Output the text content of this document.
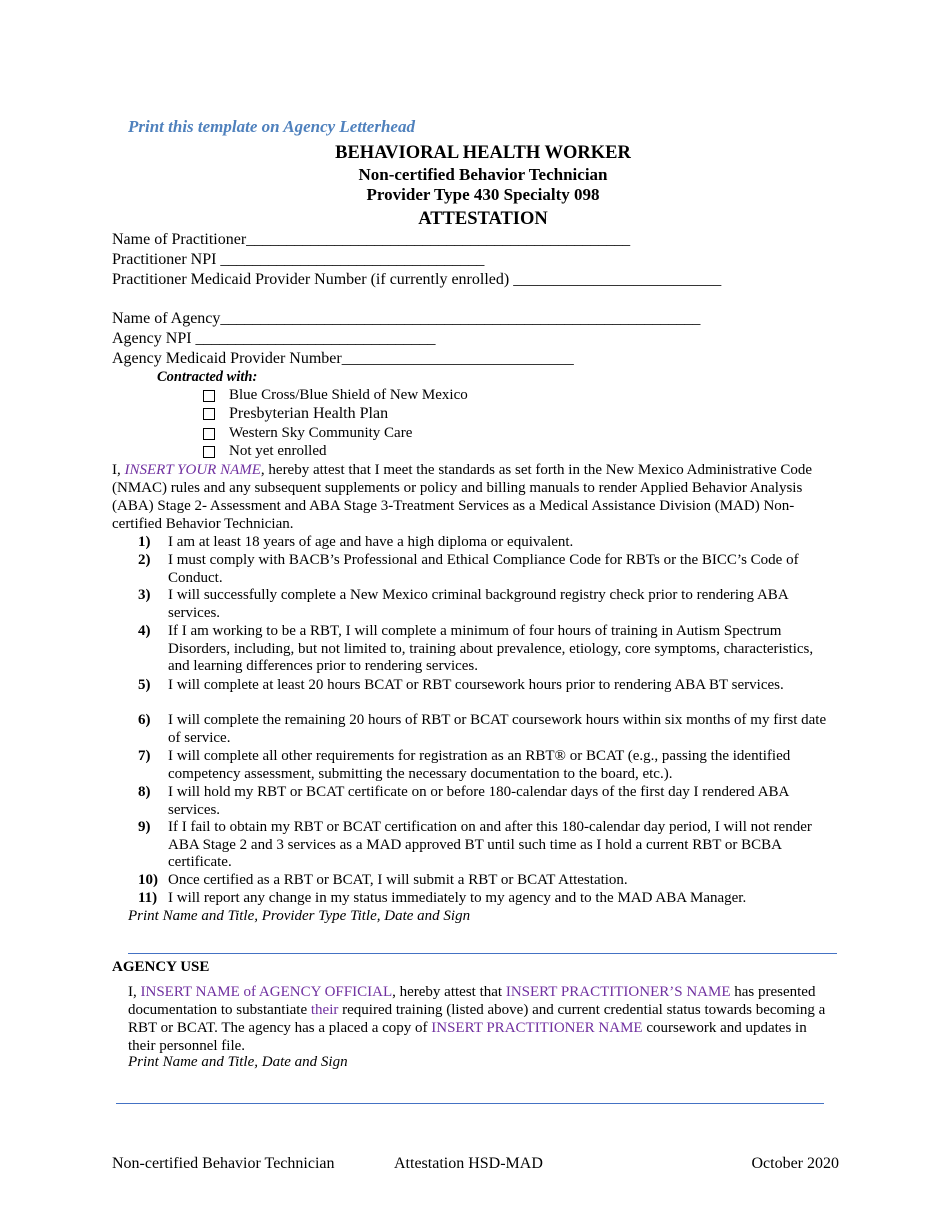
Print this template on Agency Letterhead
BEHAVIORAL HEALTH WORKER
Non-certified Behavior Technician
Provider Type 430 Specialty 098
ATTESTATION
Name of Practitioner________________________________________________
Practitioner NPI _________________________________
Practitioner Medicaid Provider Number (if currently enrolled) __________________________
Name of Agency____________________________________________________________
Agency NPI ______________________________
Agency Medicaid Provider Number_____________________________
Contracted with:
Blue Cross/Blue Shield of New Mexico
Presbyterian Health Plan
Western Sky Community Care
Not yet enrolled
I, INSERT YOUR NAME, hereby attest that I meet the standards as set forth in the New Mexico Administrative Code (NMAC) rules and any subsequent supplements or policy and billing manuals to render Applied Behavior Analysis (ABA) Stage 2- Assessment and ABA Stage 3-Treatment Services as a Medical Assistance Division (MAD) Non-certified Behavior Technician.
1)	I am at least 18 years of age and have a high diploma or equivalent.
2)	I must comply with BACB’s Professional and Ethical Compliance Code for RBTs or the BICC’s Code of Conduct.
3)	I will successfully complete a New Mexico criminal background registry check prior to rendering ABA services.
4)	If I am working to be a RBT, I will complete a minimum of four hours of training in Autism Spectrum Disorders, including, but not limited to, training about prevalence, etiology, core symptoms, characteristics, and learning differences prior to rendering services.
5)	I will complete at least 20 hours BCAT or RBT coursework hours prior to rendering ABA BT services.
6)	I will complete the remaining 20 hours of RBT or BCAT coursework hours within six months of my first date of service.
7)	I will complete all other requirements for registration as an RBT® or BCAT (e.g., passing the identified competency assessment, submitting the necessary documentation to the board, etc.).
8)	I will hold my RBT or BCAT certificate on or before 180-calendar days of the first day I rendered ABA services.
9)	If I fail to obtain my RBT or BCAT certification on and after this 180-calendar day period, I will not render ABA Stage 2 and 3 services as a MAD approved BT until such time as I hold a current RBT or BCBA certificate.
10) Once certified as a RBT or BCAT, I will submit a RBT or BCAT Attestation.
11) I will report any change in my status immediately to my agency and to the MAD ABA Manager.
Print Name and Title, Provider Type Title, Date and Sign
AGENCY USE
I, INSERT NAME of AGENCY OFFICIAL, hereby attest that INSERT PRACTITIONER’S NAME has presented documentation to substantiate their required training (listed above) and current credential status towards becoming a RBT or BCAT. The agency has a placed a copy of INSERT PRACTITIONER NAME coursework and updates in their personnel file.
Print Name and Title, Date and Sign
Non-certified Behavior Technician	Attestation HSD-MAD	October 2020
